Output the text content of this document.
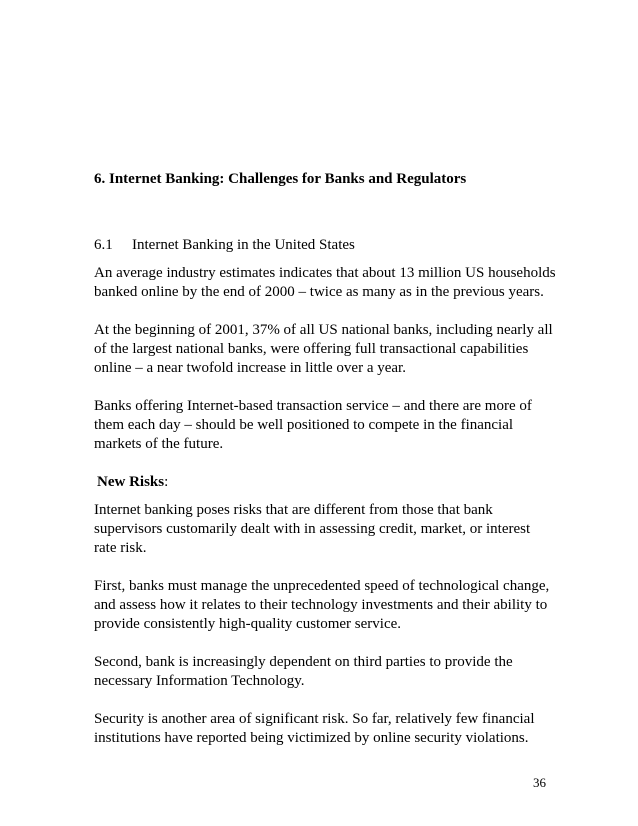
6. Internet Banking: Challenges for Banks and Regulators
6.1	Internet Banking in the United States

An average industry estimates indicates that about 13 million US households
banked online by the end of 2000 – twice as many as in the previous years.

At the beginning of 2001, 37% of all US national banks, including nearly all
of the largest national banks, were offering full transactional capabilities
online – a near twofold increase in little over a year.

Banks offering Internet-based transaction service – and there are more of
them each day – should be well positioned to compete in the financial
markets of the future.

New Risks:

Internet banking poses risks that are different from those that bank
supervisors customarily dealt with in assessing credit, market, or interest
rate risk.

First, banks must manage the unprecedented speed of technological change,
and assess how it relates to their technology investments and their ability to
provide consistently high-quality customer service.

Second, bank is increasingly dependent on third parties to provide the
necessary Information Technology.

Security is another area of significant risk. So far, relatively few financial
institutions have reported being victimized by online security violations.

36
